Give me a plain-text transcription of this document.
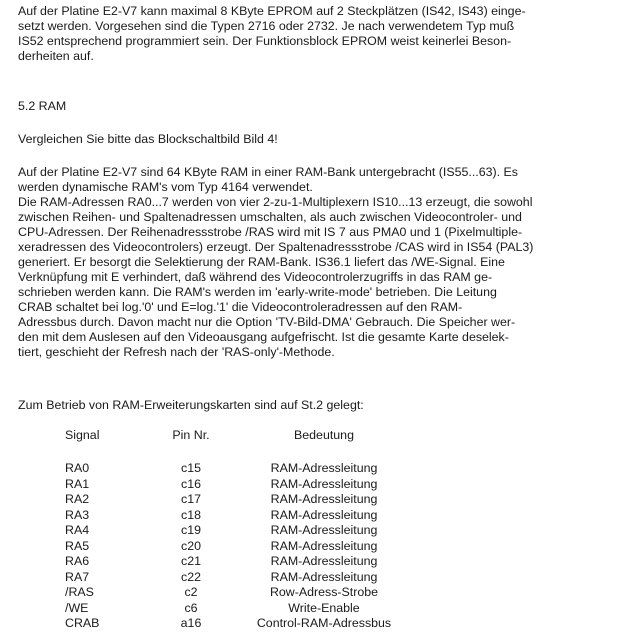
Auf der Platine E2-V7 kann maximal 8 KByte EPROM auf 2 Steckplätzen (IS42, IS43) einge-
setzt werden. Vorgesehen sind die Typen 2716 oder 2732. Je nach verwendetem Typ muß
IS52 entsprechend programmiert sein. Der Funktionsblock EPROM weist keinerlei Beson-
derheiten auf.

5.2 RAM

Vergleichen Sie bitte das Blockschaltbild Bild 4!

Auf der Platine E2-V7 sind 64 KByte RAM in einer RAM-Bank untergebracht (IS55...63). Es
werden dynamische RAM's vom Typ 4164 verwendet.
Die RAM-Adressen RA0...7 werden von vier 2-zu-1-Multiplexern IS10...13 erzeugt, die sowohl
zwischen Reihen- und Spaltenadressen umschalten, als auch zwischen Videocontroler- und
CPU-Adressen. Der Reihenadressstrobe /RAS wird mit IS 7 aus PMA0 und 1 (Pixelmultiple-
xeradressen des Videocontrolers) erzeugt. Der Spaltenadressstrobe /CAS wird in IS54 (PAL3)
generiert. Er besorgt die Selektierung der RAM-Bank. IS36.1 liefert das /WE-Signal. Eine
Verknüpfung mit E verhindert, daß während des Videocontrolerzugriffs in das RAM ge-
schrieben werden kann. Die RAM's werden im 'early-write-mode' betrieben. Die Leitung
CRAB schaltet bei log.'0' und E=log.'1' die Videocontroleradressen auf den RAM-
Adressbus durch. Davon macht nur die Option 'TV-Bild-DMA' Gebrauch. Die Speicher wer-
den mit dem Auslesen auf den Videoausgang aufgefrischt. Ist die gesamte Karte deselek-
tiert, geschieht der Refresh nach der 'RAS-only'-Methode.

Zum Betrieb von RAM-Erweiterungskarten sind auf St.2 gelegt:

Signal	Pin Nr.	Bedeutung
RA0	c15	RAM-Adressleitung
RA1	c16	RAM-Adressleitung
RA2	c17	RAM-Adressleitung
RA3	c18	RAM-Adressleitung
RA4	c19	RAM-Adressleitung
RA5	c20	RAM-Adressleitung
RA6	c21	RAM-Adressleitung
RA7	c22	RAM-Adressleitung
/RAS	c2	Row-Adress-Strobe
/WE	c6	Write-Enable
CRAB	a16	Control-RAM-Adressbus
